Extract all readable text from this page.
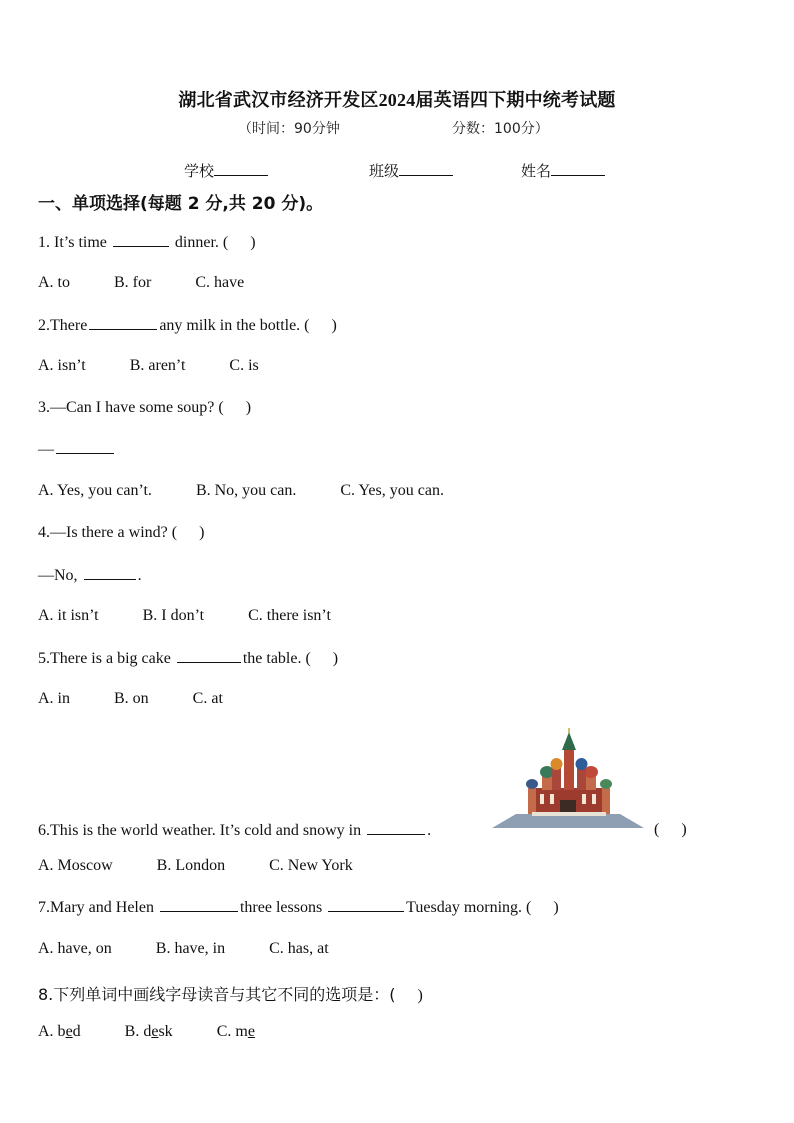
湖北省武汉市经济开发区2024届英语四下期中统考试题
（时间：90分钟	分数：100分）
学校	班级	姓名
一、单项选择(每题 2 分,共 20 分)。
1. It’s time	dinner. ( )
A. to	B. for	C. have
2.There	any milk in the bottle. ( )
A. isn’t	B. aren’t	C. is
3.—Can I have some soup? ( )
—
A. Yes, you can’t.	B. No, you can.	C. Yes, you can.
4.—Is there a wind? ( )
—No,	.
A. it isn’t	B. I don’t	C. there isn’t
5.There is a big cake	the table. ( )
A. in	B. on	C. at
6.This is the world weather. It’s cold and snowy in	.	( )
A. Moscow	B. London	C. New York
7.Mary and Helen	three lessons	Tuesday morning. ( )
A. have, on	B. have, in	C. has, at
8.下列单词中画线字母读音与其它不同的选项是：( )
A. bed	B. desk	C. me
